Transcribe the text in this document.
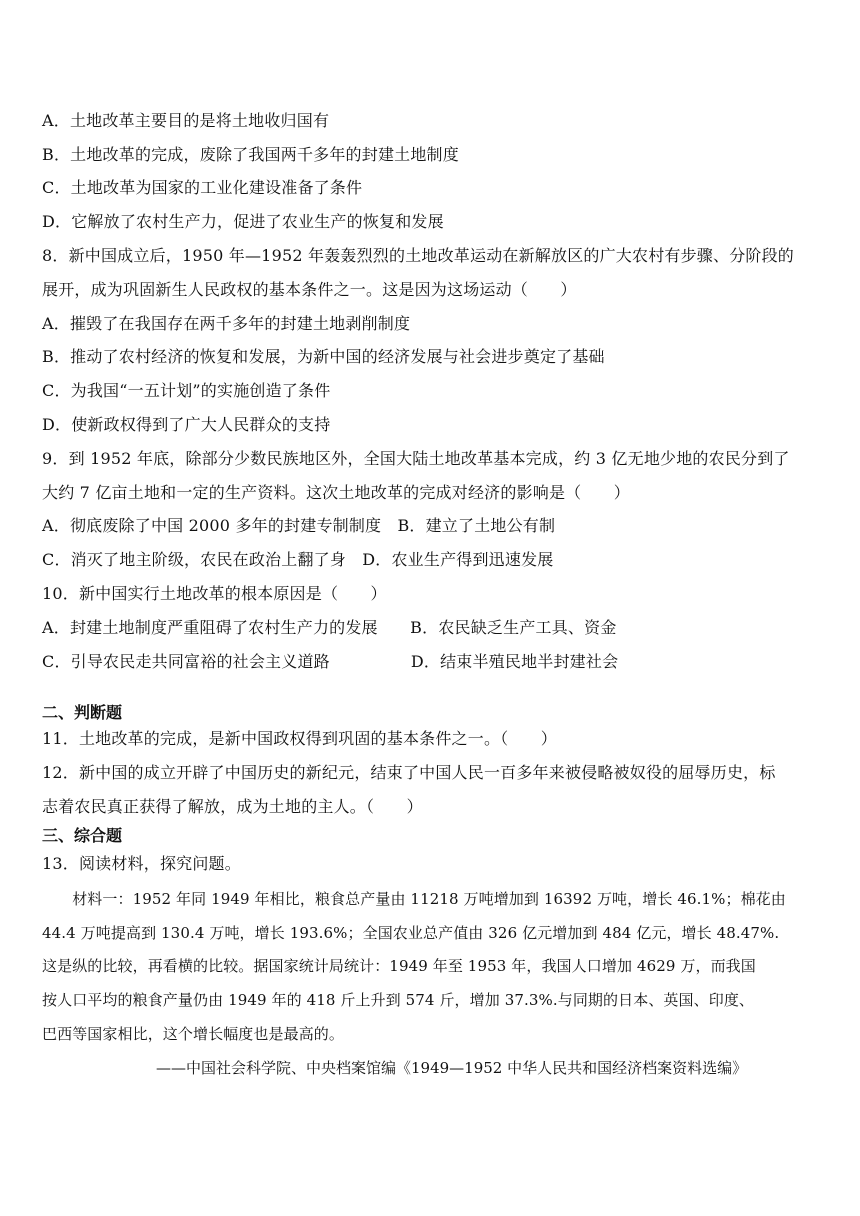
A．土地改革主要目的是将土地收归国有
B．土地改革的完成，废除了我国两千多年的封建土地制度
C．土地改革为国家的工业化建设准备了条件
D．它解放了农村生产力，促进了农业生产的恢复和发展
8．新中国成立后，1950 年—1952 年轰轰烈烈的土地改革运动在新解放区的广大农村有步骤、分阶段的
展开，成为巩固新生人民政权的基本条件之一。这是因为这场运动（　　）
A．摧毁了在我国存在两千多年的封建土地剥削制度
B．推动了农村经济的恢复和发展，为新中国的经济发展与社会进步奠定了基础
C．为我国“一五计划”的实施创造了条件
D．使新政权得到了广大人民群众的支持
9．到 1952 年底，除部分少数民族地区外，全国大陆土地改革基本完成，约 3 亿无地少地的农民分到了
大约 7 亿亩土地和一定的生产资料。这次土地改革的完成对经济的影响是（　　）
A．彻底废除了中国 2000 多年的封建专制制度　B．建立了土地公有制
C．消灭了地主阶级，农民在政治上翻了身　D．农业生产得到迅速发展
10．新中国实行土地改革的根本原因是（　　）
A．封建土地制度严重阻碍了农村生产力的发展　　B．农民缺乏生产工具、资金
C．引导农民走共同富裕的社会主义道路　　　　　D．结束半殖民地半封建社会
二、判断题
11．土地改革的完成，是新中国政权得到巩固的基本条件之一。（　　）
12．新中国的成立开辟了中国历史的新纪元，结束了中国人民一百多年来被侵略被奴役的屈辱历史，标
志着农民真正获得了解放，成为土地的主人。（　　）
三、综合题
13．阅读材料，探究问题。
　　材料一：1952 年同 1949 年相比，粮食总产量由 11218 万吨增加到 16392 万吨，增长 46.1%；棉花由
44.4 万吨提高到 130.4 万吨，增长 193.6%；全国农业总产值由 326 亿元增加到 484 亿元，增长 48.47%.
这是纵的比较，再看横的比较。据国家统计局统计：1949 年至 1953 年，我国人口增加 4629 万，而我国
按人口平均的粮食产量仍由 1949 年的 418 斤上升到 574 斤，增加 37.3%.与同期的日本、英国、印度、
巴西等国家相比，这个增长幅度也是最高的。
——中国社会科学院、中央档案馆编《1949—1952 中华人民共和国经济档案资料选编》
